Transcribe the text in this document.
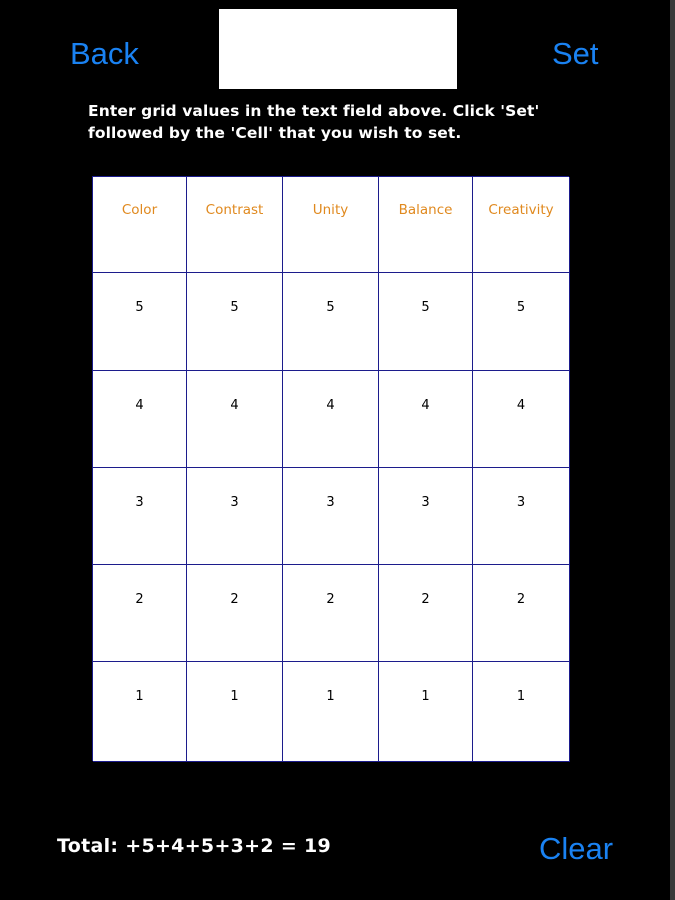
Back	Set
Enter grid values in the text field above. Click 'Set' followed by the 'Cell' that you wish to set.
Color	Contrast	Unity	Balance	Creativity
5	5	5	5	5
4	4	4	4	4
3	3	3	3	3
2	2	2	2	2
1	1	1	1	1
Total: +5+4+5+3+2 = 19	Clear
